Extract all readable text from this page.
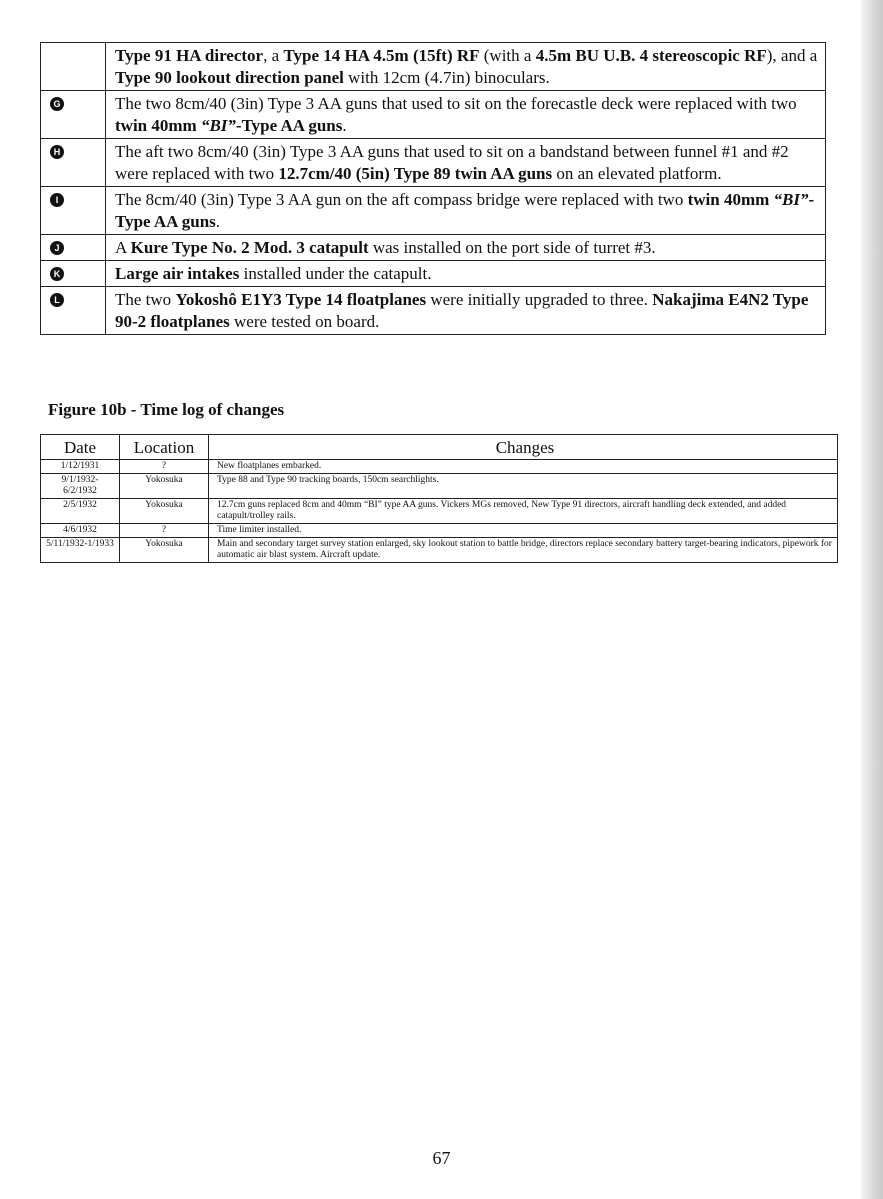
	Type 91 HA director, a Type 14 HA 4.5m (15ft) RF (with a 4.5m BU U.B. 4 stereoscopic RF), and a Type 90 lookout direction panel with 12cm (4.7in) binoculars.
G	The two 8cm/40 (3in) Type 3 AA guns that used to sit on the forecastle deck were replaced with two twin 40mm “BI”-Type AA guns.
H	The aft two 8cm/40 (3in) Type 3 AA guns that used to sit on a bandstand between funnel #1 and #2 were replaced with two 12.7cm/40 (5in) Type 89 twin AA guns on an elevated platform.
I	The 8cm/40 (3in) Type 3 AA gun on the aft compass bridge were replaced with two twin 40mm “BI”-Type AA guns.
J	A Kure Type No. 2 Mod. 3 catapult was installed on the port side of turret #3.
K	Large air intakes installed under the catapult.
L	The two Yokoshô E1Y3 Type 14 floatplanes were initially upgraded to three. Nakajima E4N2 Type 90-2 floatplanes were tested on board.
Figure 10b - Time log of changes
Date	Location	Changes
1/12/1931	?	New floatplanes embarked.
9/1/1932-6/2/1932	Yokosuka	Type 88 and Type 90 tracking boards, 150cm searchlights.
2/5/1932	Yokosuka	12.7cm guns replaced 8cm and 40mm “BI” type AA guns. Vickers MGs removed, New Type 91 directors, aircraft handling deck extended, and added catapult/trolley rails.
4/6/1932	?	Time limiter installed.
5/11/1932-1/1933	Yokosuka	Main and secondary target survey station enlarged, sky lookout station to battle bridge, directors replace secondary battery target-bearing indicators, pipework for automatic air blast system. Aircraft update.
67
